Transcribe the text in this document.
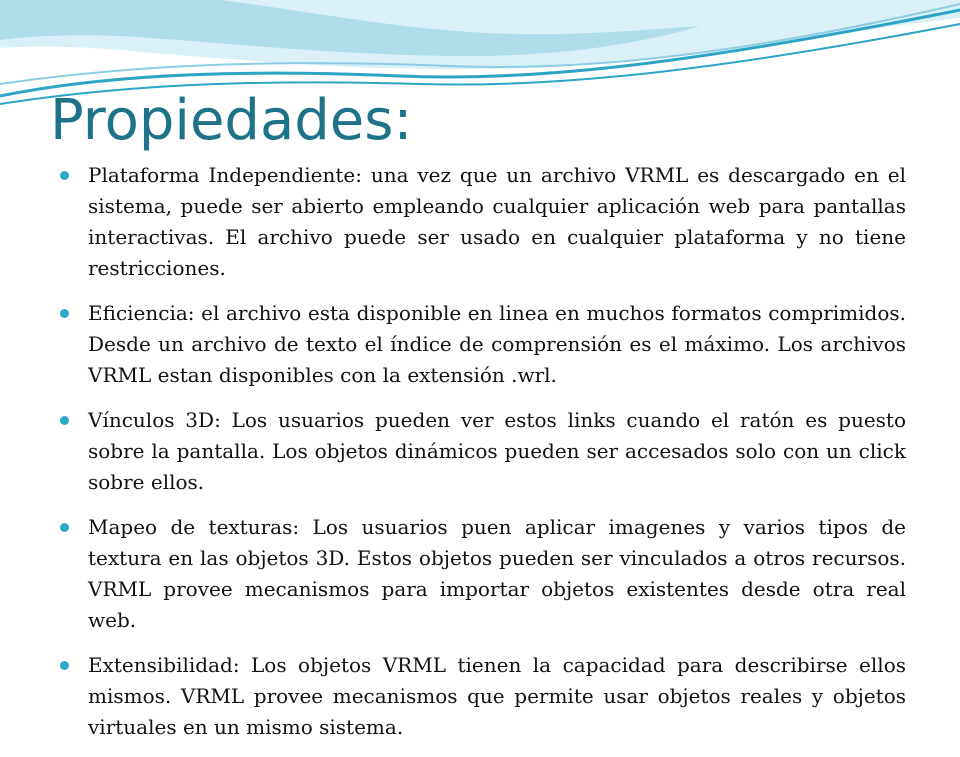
Propiedades:
Plataforma Independiente: una vez que un archivo VRML es descargado en el sistema, puede ser abierto empleando cualquier aplicación web para pantallas interactivas. El archivo puede ser usado en cualquier plataforma y no tiene restricciones.
Eficiencia: el archivo esta disponible en linea en muchos formatos comprimidos. Desde un archivo de texto el índice de comprensión es el máximo. Los archivos VRML estan disponibles con la extensión .wrl.
Vínculos 3D: Los usuarios pueden ver estos links cuando el ratón es puesto sobre la pantalla. Los objetos dinámicos pueden ser accesados solo con un click sobre ellos.
Mapeo de texturas: Los usuarios puen aplicar imagenes y varios tipos de textura en las objetos 3D. Estos objetos pueden ser vinculados a otros recursos. VRML provee mecanismos para importar objetos existentes desde otra real web.
Extensibilidad: Los objetos VRML tienen la capacidad para describirse ellos mismos. VRML provee mecanismos que permite usar objetos reales y objetos virtuales en un mismo sistema.
